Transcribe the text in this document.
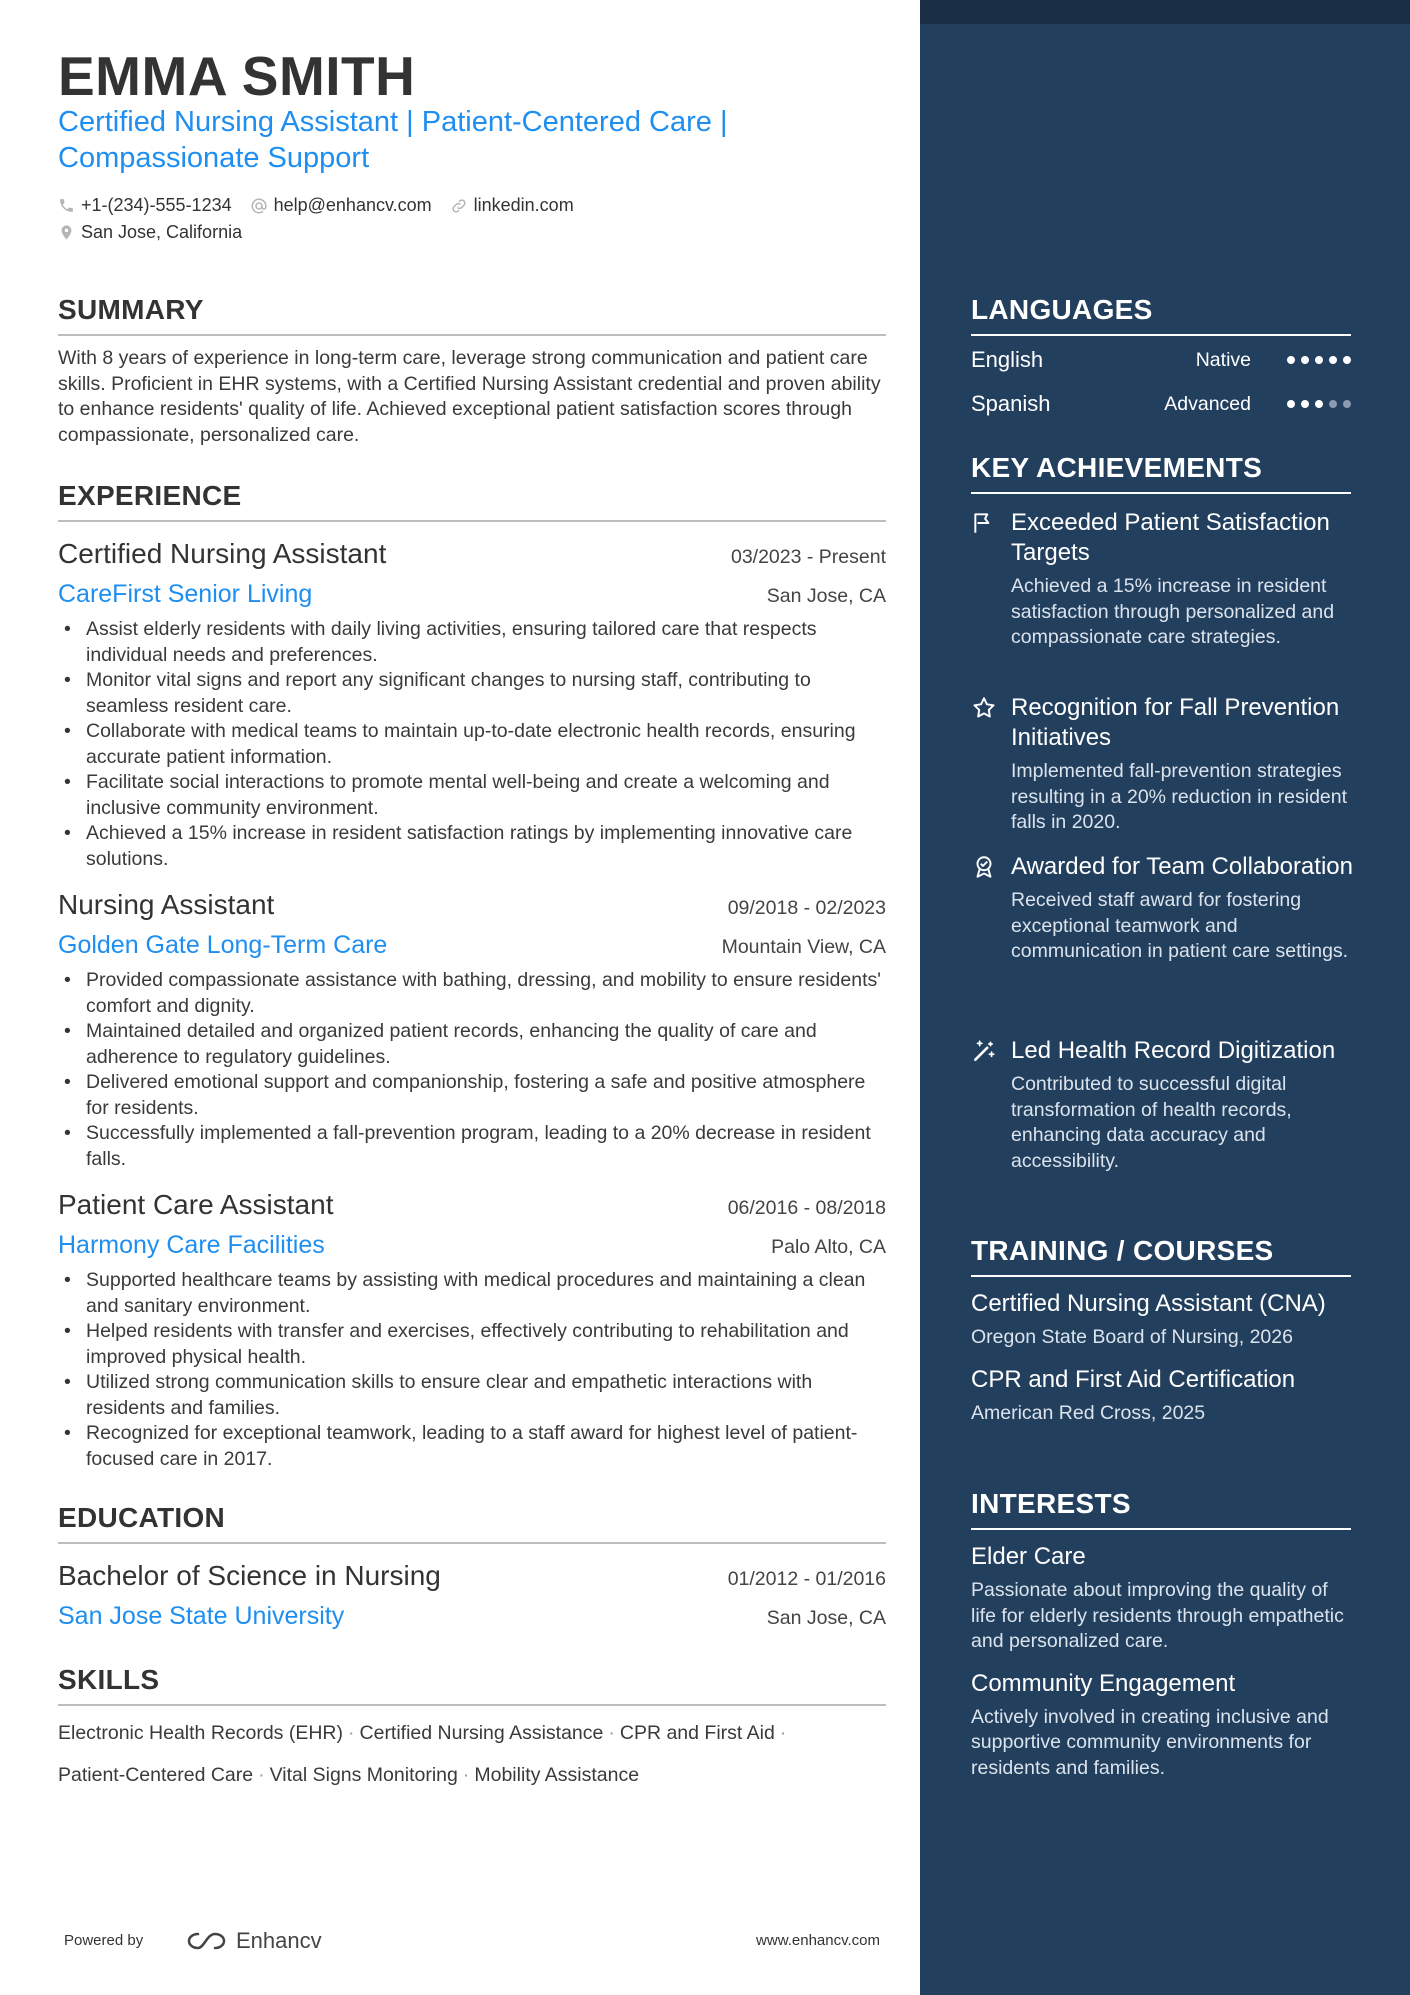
EMMA SMITH

Certified Nursing Assistant | Patient-Centered Care | Compassionate Support

+1-(234)-555-1234 help@enhancv.com linkedin.com
San Jose, California
SUMMARY

With 8 years of experience in long-term care, leverage strong communication and patient care skills. Proficient in EHR systems, with a Certified Nursing Assistant credential and proven ability to enhance residents' quality of life. Achieved exceptional patient satisfaction scores through compassionate, personalized care.

EXPERIENCE
Certified Nursing Assistant	03/2023 - Present
CareFirst Senior Living	San Jose, CA
• Assist elderly residents with daily living activities, ensuring tailored care that respects individual needs and preferences.
• Monitor vital signs and report any significant changes to nursing staff, contributing to seamless resident care.
• Collaborate with medical teams to maintain up-to-date electronic health records, ensuring accurate patient information.
• Facilitate social interactions to promote mental well-being and create a welcoming and inclusive community environment.
• Achieved a 15% increase in resident satisfaction ratings by implementing innovative care solutions.
Nursing Assistant	09/2018 - 02/2023
Golden Gate Long-Term Care	Mountain View, CA
• Provided compassionate assistance with bathing, dressing, and mobility to ensure residents' comfort and dignity.
• Maintained detailed and organized patient records, enhancing the quality of care and adherence to regulatory guidelines.
• Delivered emotional support and companionship, fostering a safe and positive atmosphere for residents.
• Successfully implemented a fall-prevention program, leading to a 20% decrease in resident falls.
Patient Care Assistant	06/2016 - 08/2018
Harmony Care Facilities	Palo Alto, CA
• Supported healthcare teams by assisting with medical procedures and maintaining a clean and sanitary environment.
• Helped residents with transfer and exercises, effectively contributing to rehabilitation and improved physical health.
• Utilized strong communication skills to ensure clear and empathetic interactions with residents and families.
• Recognized for exceptional teamwork, leading to a staff award for highest level of patient-focused care in 2017.
EDUCATION
Bachelor of Science in Nursing	01/2012 - 01/2016
San Jose State University	San Jose, CA
SKILLS
Electronic Health Records (EHR) · Certified Nursing Assistance · CPR and First Aid ·
Patient-Centered Care · Vital Signs Monitoring · Mobility Assistance
Powered by	Enhancv	www.enhancv.com
LANGUAGES
English	Native
Spanish	Advanced
KEY ACHIEVEMENTS
Exceeded Patient Satisfaction Targets
Achieved a 15% increase in resident satisfaction through personalized and compassionate care strategies.
Recognition for Fall Prevention Initiatives
Implemented fall-prevention strategies resulting in a 20% reduction in resident falls in 2020.
Awarded for Team Collaboration
Received staff award for fostering exceptional teamwork and communication in patient care settings.
Led Health Record Digitization
Contributed to successful digital transformation of health records, enhancing data accuracy and accessibility.
TRAINING / COURSES
Certified Nursing Assistant (CNA)
Oregon State Board of Nursing, 2026
CPR and First Aid Certification
American Red Cross, 2025
INTERESTS
Elder Care
Passionate about improving the quality of life for elderly residents through empathetic and personalized care.
Community Engagement
Actively involved in creating inclusive and supportive community environments for residents and families.
